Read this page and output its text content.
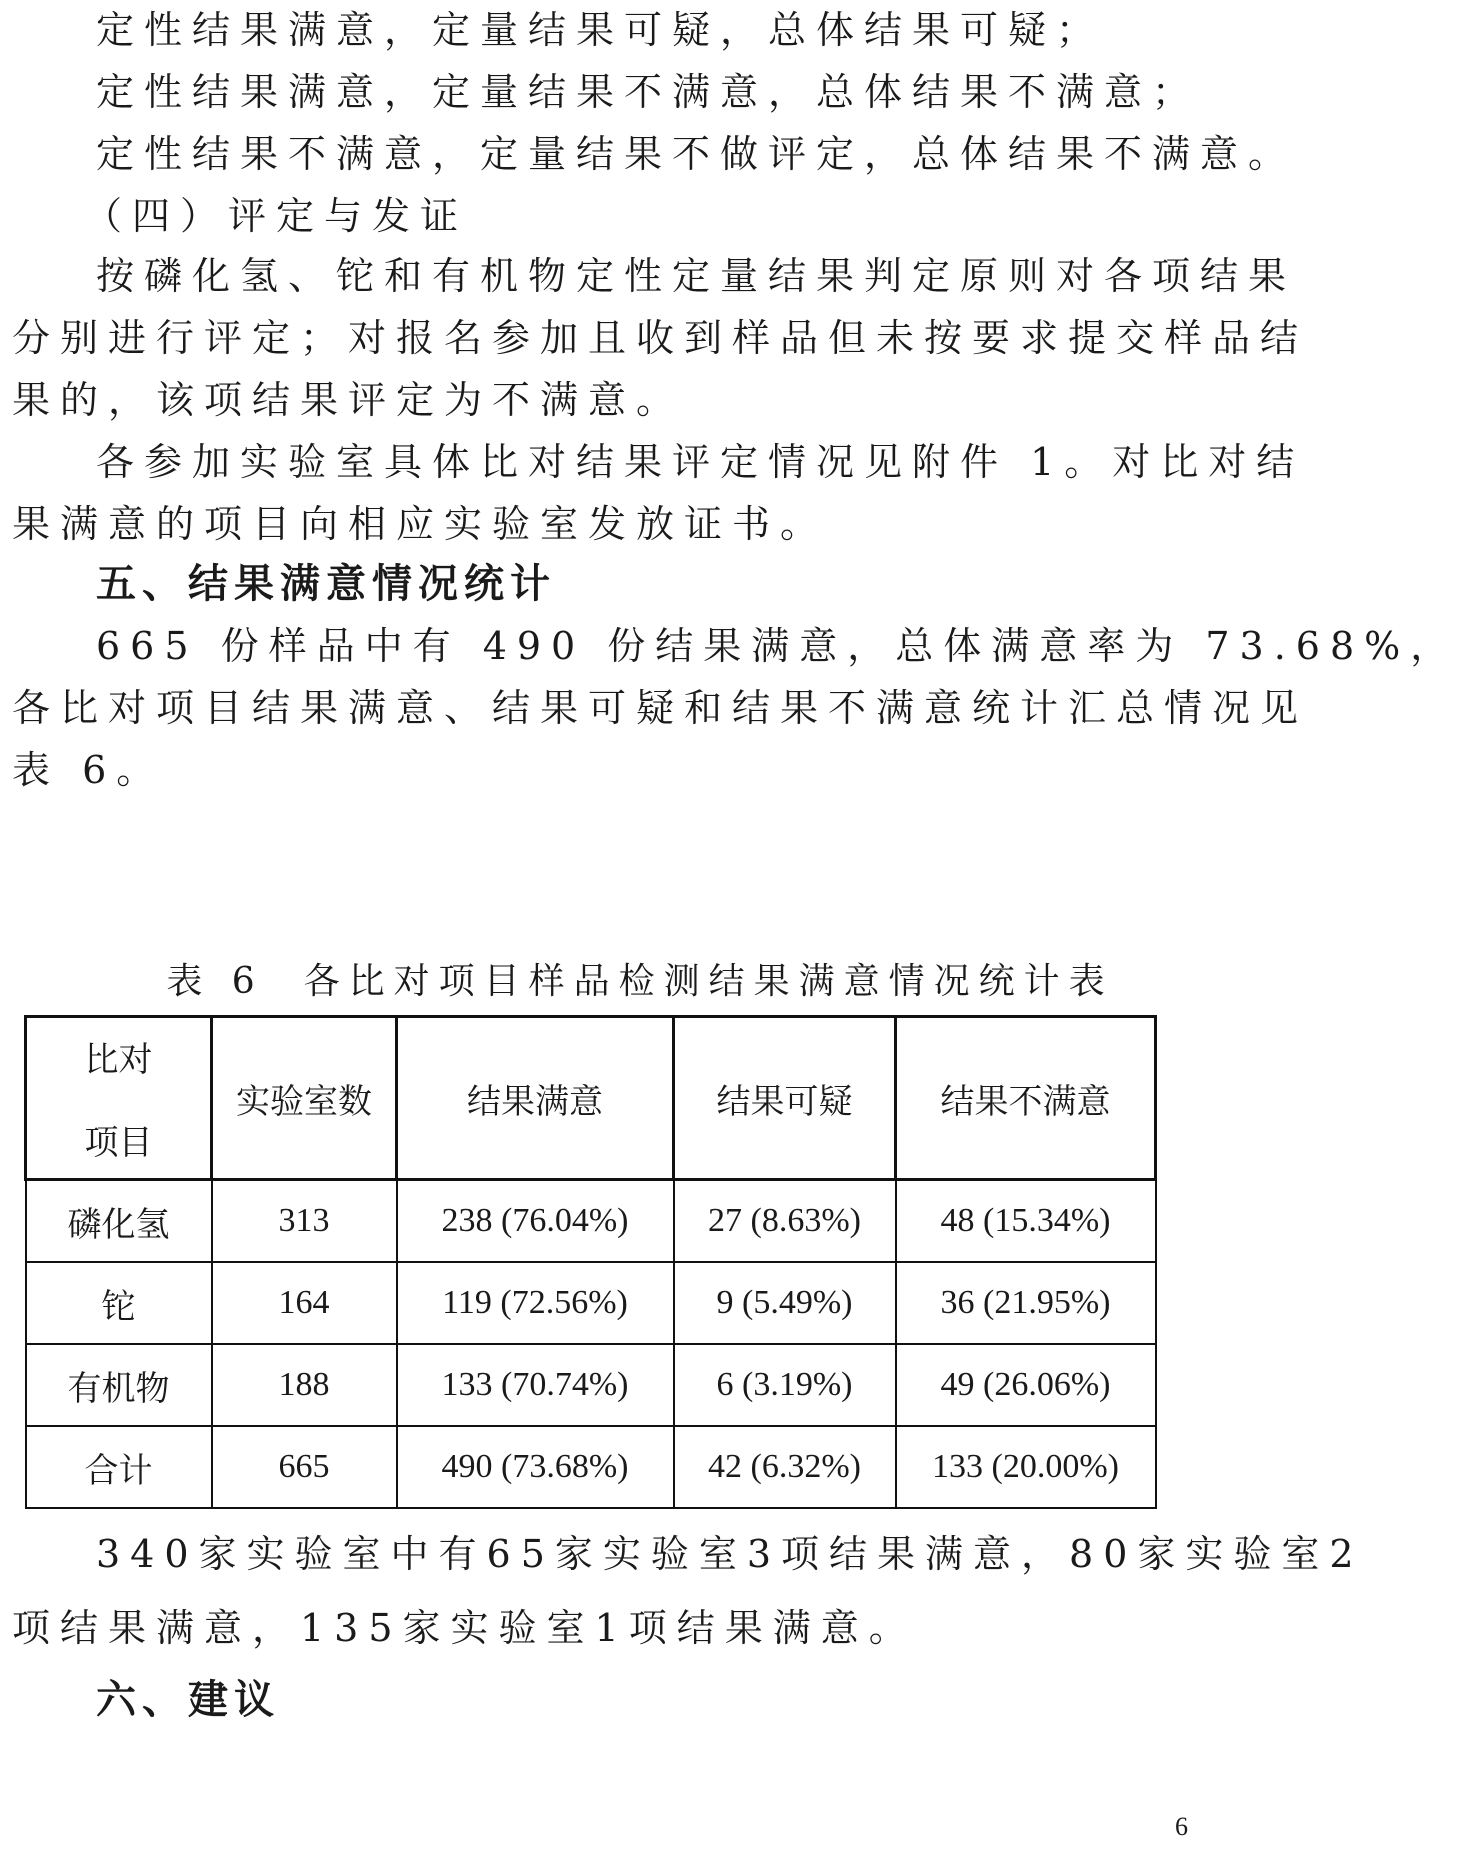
定性结果满意，定量结果可疑，总体结果可疑；
定性结果满意，定量结果不满意，总体结果不满意；
定性结果不满意，定量结果不做评定，总体结果不满意。
（四）评定与发证
按磷化氢、铊和有机物定性定量结果判定原则对各项结果
分别进行评定；对报名参加且收到样品但未按要求提交样品结
果的，该项结果评定为不满意。
各参加实验室具体比对结果评定情况见附件 1。对比对结
果满意的项目向相应实验室发放证书。
五、结果满意情况统计
665 份样品中有 490 份结果满意，总体满意率为 73.68%，
各比对项目结果满意、结果可疑和结果不满意统计汇总情况见
表 6。
表 6 各比对项目样品检测结果满意情况统计表
比对
项目	实验室数	结果满意	结果可疑	结果不满意
磷化氢	313	238 (76.04%)	27 (8.63%)	48 (15.34%)
铊	164	119 (72.56%)	9 (5.49%)	36 (21.95%)
有机物	188	133 (70.74%)	6 (3.19%)	49 (26.06%)
合计	665	490 (73.68%)	42 (6.32%)	133 (20.00%)
340家实验室中有65家实验室3项结果满意，80家实验室2
项结果满意，135家实验室1项结果满意。
六、建议
6
